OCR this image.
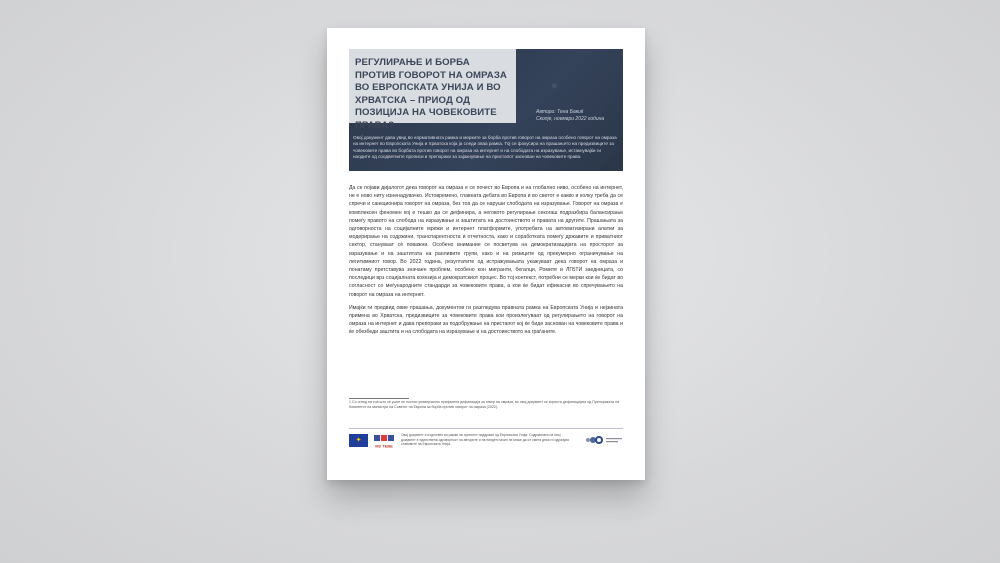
РЕГУЛИРАЊЕ И БОРБА ПРОТИВ ГОВОРОТ НА ОМРАЗА ВО ЕВРОПСКАТА УНИЈА И ВО ХРВАТСКА – ПРИОД ОД ПОЗИЦИЈА НА ЧОВЕКОВИТЕ ПРАВА?
Автори: Тена Бакиќ
Скопје, ноември 2022 година
Овој документ дава увид во нормативната рамка и мерките за борба против говорот на омраза особено говорот на омраза на интернет во Европската Унија и Хрватска која ја следи оваа рамка. Тој се фокусира на прашањето на предизвиците за човековите права во борбата против говорот на омраза на интернет и на слободата на изразување, истакнувајќи ги наодите од соодветните прописи и препораки за зајакнување на пристапот заснован на човековите права.

Да се појави дијалогот дека говорот на омраза е се почест во Европа и на глобално ниво, особено на интернет, не е ново ниту изненадувачко. Истовремено, главната дебата во Европа и во светот е какво и колку треба да се спречи и санкционира говорот на омраза, без тоа да се наруши слободата на изразување. Говорот на омраза е комплексен феномен кој е тешко да се дефинира, а неговото регулирање секогаш подразбира балансирање помеѓу правото на слобода на изразување и заштитата на достоинството и правата на другите. Прашањата за одговорноста на социјалните мрежи и интернет платформите, употребата на автоматизирани алатки за модерирање на содржини, транспарентноста и отчетноста, како и соработката помеѓу државите и приватниот сектор, стануваат сè поважни. Особено внимание се посветува на демократизацијата на просторот за изразување и на заштитата на ранливите групи, како и на ризиците од прекумерно ограничување на легитимниот говор. Во 2022 година, резултатите од истражувањата укажуваат дека говорот на омраза и понатаму претставува значаен проблем, особено кон мигранти, бегалци, Ромите и ЛГБТИ заедницата, со последици врз социјалната кохезија и демократскиот процес. Во тој контекст, потребни се мерки кои ќе бидат во согласност со меѓународните стандарди за човековите права, а кои ќе бидат ефикасни во спречувањето на говорот на омраза на интернет.

Имајќи ги предвид овие прашања, документов ги разгледува правната рамка на Европската Унија и нејзината примена во Хрватска, предизвиците за човековите права кои произлегуваат од регулирањето на говорот на омраза на интернет и дава препораки за подобрување на пристапот кој ќе биде заснован на човековите права и ќе обезбеди заштита и на слободата на изразување и на достоинството на граѓаните.

1 Со оглед на тоа што сè уште не постои универзално прифатена дефиниција за говор на омраза, во овој документ се користи дефиницијата од Препораката на Комитетот на министри на Советот на Европа за борба против говорот на омраза (2022).
✦
МЗ ТЕВЕ
Овој документ е подготвен во рамки на проектот поддржан од Европската Унија. Содржината на овој документ е единствена одговорност на авторите и на ниеден начин не може да се смета дека ги одразува ставовите на Европската Унија.
